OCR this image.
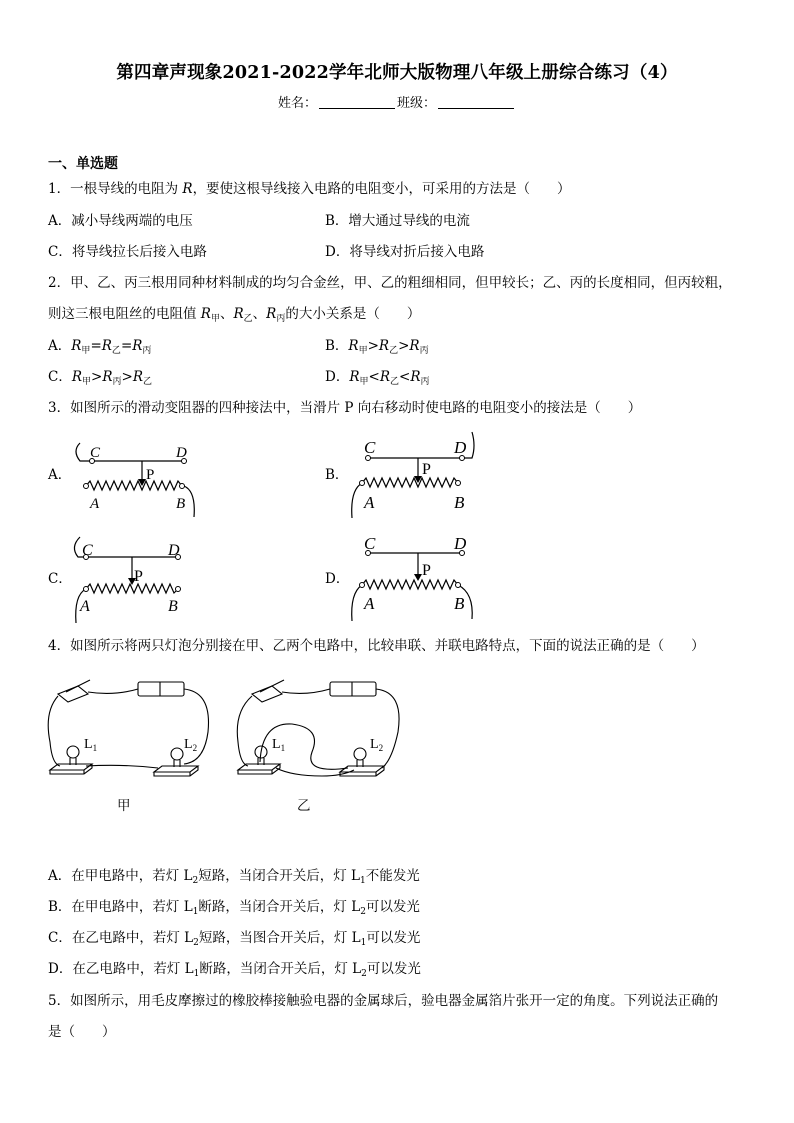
第四章声现象2021-2022学年北师大版物理八年级上册综合练习（4）
姓名：	班级：
一、单选题
1．一根导线的电阻为 R，要使这根导线接入电路的电阻变小，可采用的方法是（　　）
A．减小导线两端的电压	B．增大通过导线的电流
C．将导线拉长后接入电路	D．将导线对折后接入电路
2．甲、乙、丙三根用同种材料制成的均匀合金丝，甲、乙的粗细相同，但甲较长；乙、丙的长度相同，但丙较粗，
则这三根电阻丝的电阻值 $R_甲$、$R_乙$、$R_丙$的大小关系是（　　）
A．$R_甲=R_乙=R_丙$	B．$R_甲>R_乙>R_丙$
C．$R_甲>R_丙>R_乙$	D．$R_甲<R_乙<R_丙$
3．如图所示的滑动变阻器的四种接法中，当滑片 P 向右移动时使电路的电阻变小的接法是（　　）
A．	B．
C．	D．
C	D
P
A	B
C	D
P
A	B
C	D
P
A	B
C	D
P
A	B
4．如图所示将两只灯泡分别接在甲、乙两个电路中，比较串联、并联电路特点，下面的说法正确的是（　　）
$L_1$	$L_2$
甲
$L_1$	$L_2$
乙
A．在甲电路中，若灯 $L_2$短路，当闭合开关后，灯 $L_1$不能发光
B．在甲电路中，若灯 $L_1$断路，当闭合开关后，灯 $L_2$可以发光
C．在乙电路中，若灯 $L_2$短路，当图合开关后，灯 $L_1$可以发光
D．在乙电路中，若灯 $L_1$断路，当闭合开关后，灯 $L_2$可以发光
5．如图所示，用毛皮摩擦过的橡胶棒接触验电器的金属球后，验电器金属箔片张开一定的角度。下列说法正确的
是（　　）
